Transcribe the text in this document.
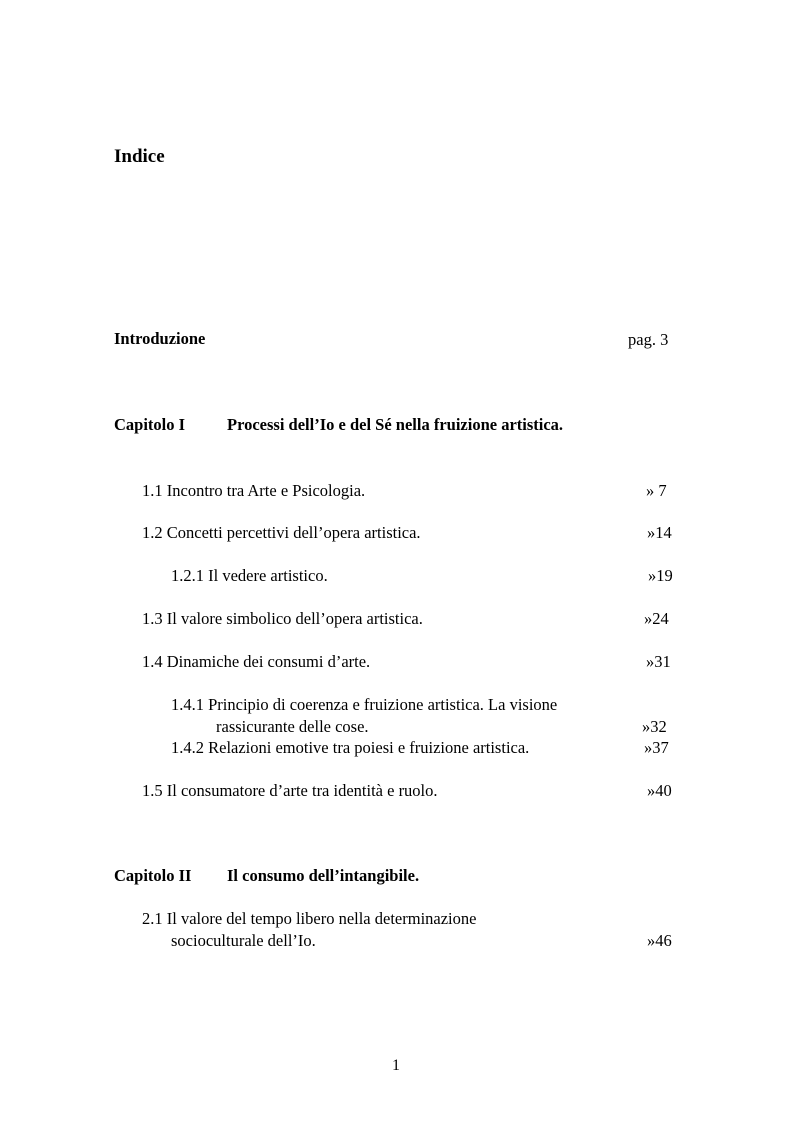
Indice
Introduzione	pag. 3
Capitolo I	Processi dell’Io e del Sé nella fruizione artistica.
1.1 Incontro tra Arte e Psicologia.	» 7
1.2 Concetti percettivi dell’opera artistica.	»14
1.2.1 Il vedere artistico.	»19
1.3 Il valore simbolico dell’opera artistica.	»24
1.4 Dinamiche dei consumi d’arte.	»31
1.4.1 Principio di coerenza e fruizione artistica. La visione
rassicurante delle cose.	»32
1.4.2 Relazioni emotive tra poiesi e fruizione artistica.	»37
1.5 Il consumatore d’arte tra identità e ruolo.	»40
Capitolo II Il consumo dell’intangibile.
2.1 Il valore del tempo libero nella determinazione
socioculturale dell’Io.	»46
1
